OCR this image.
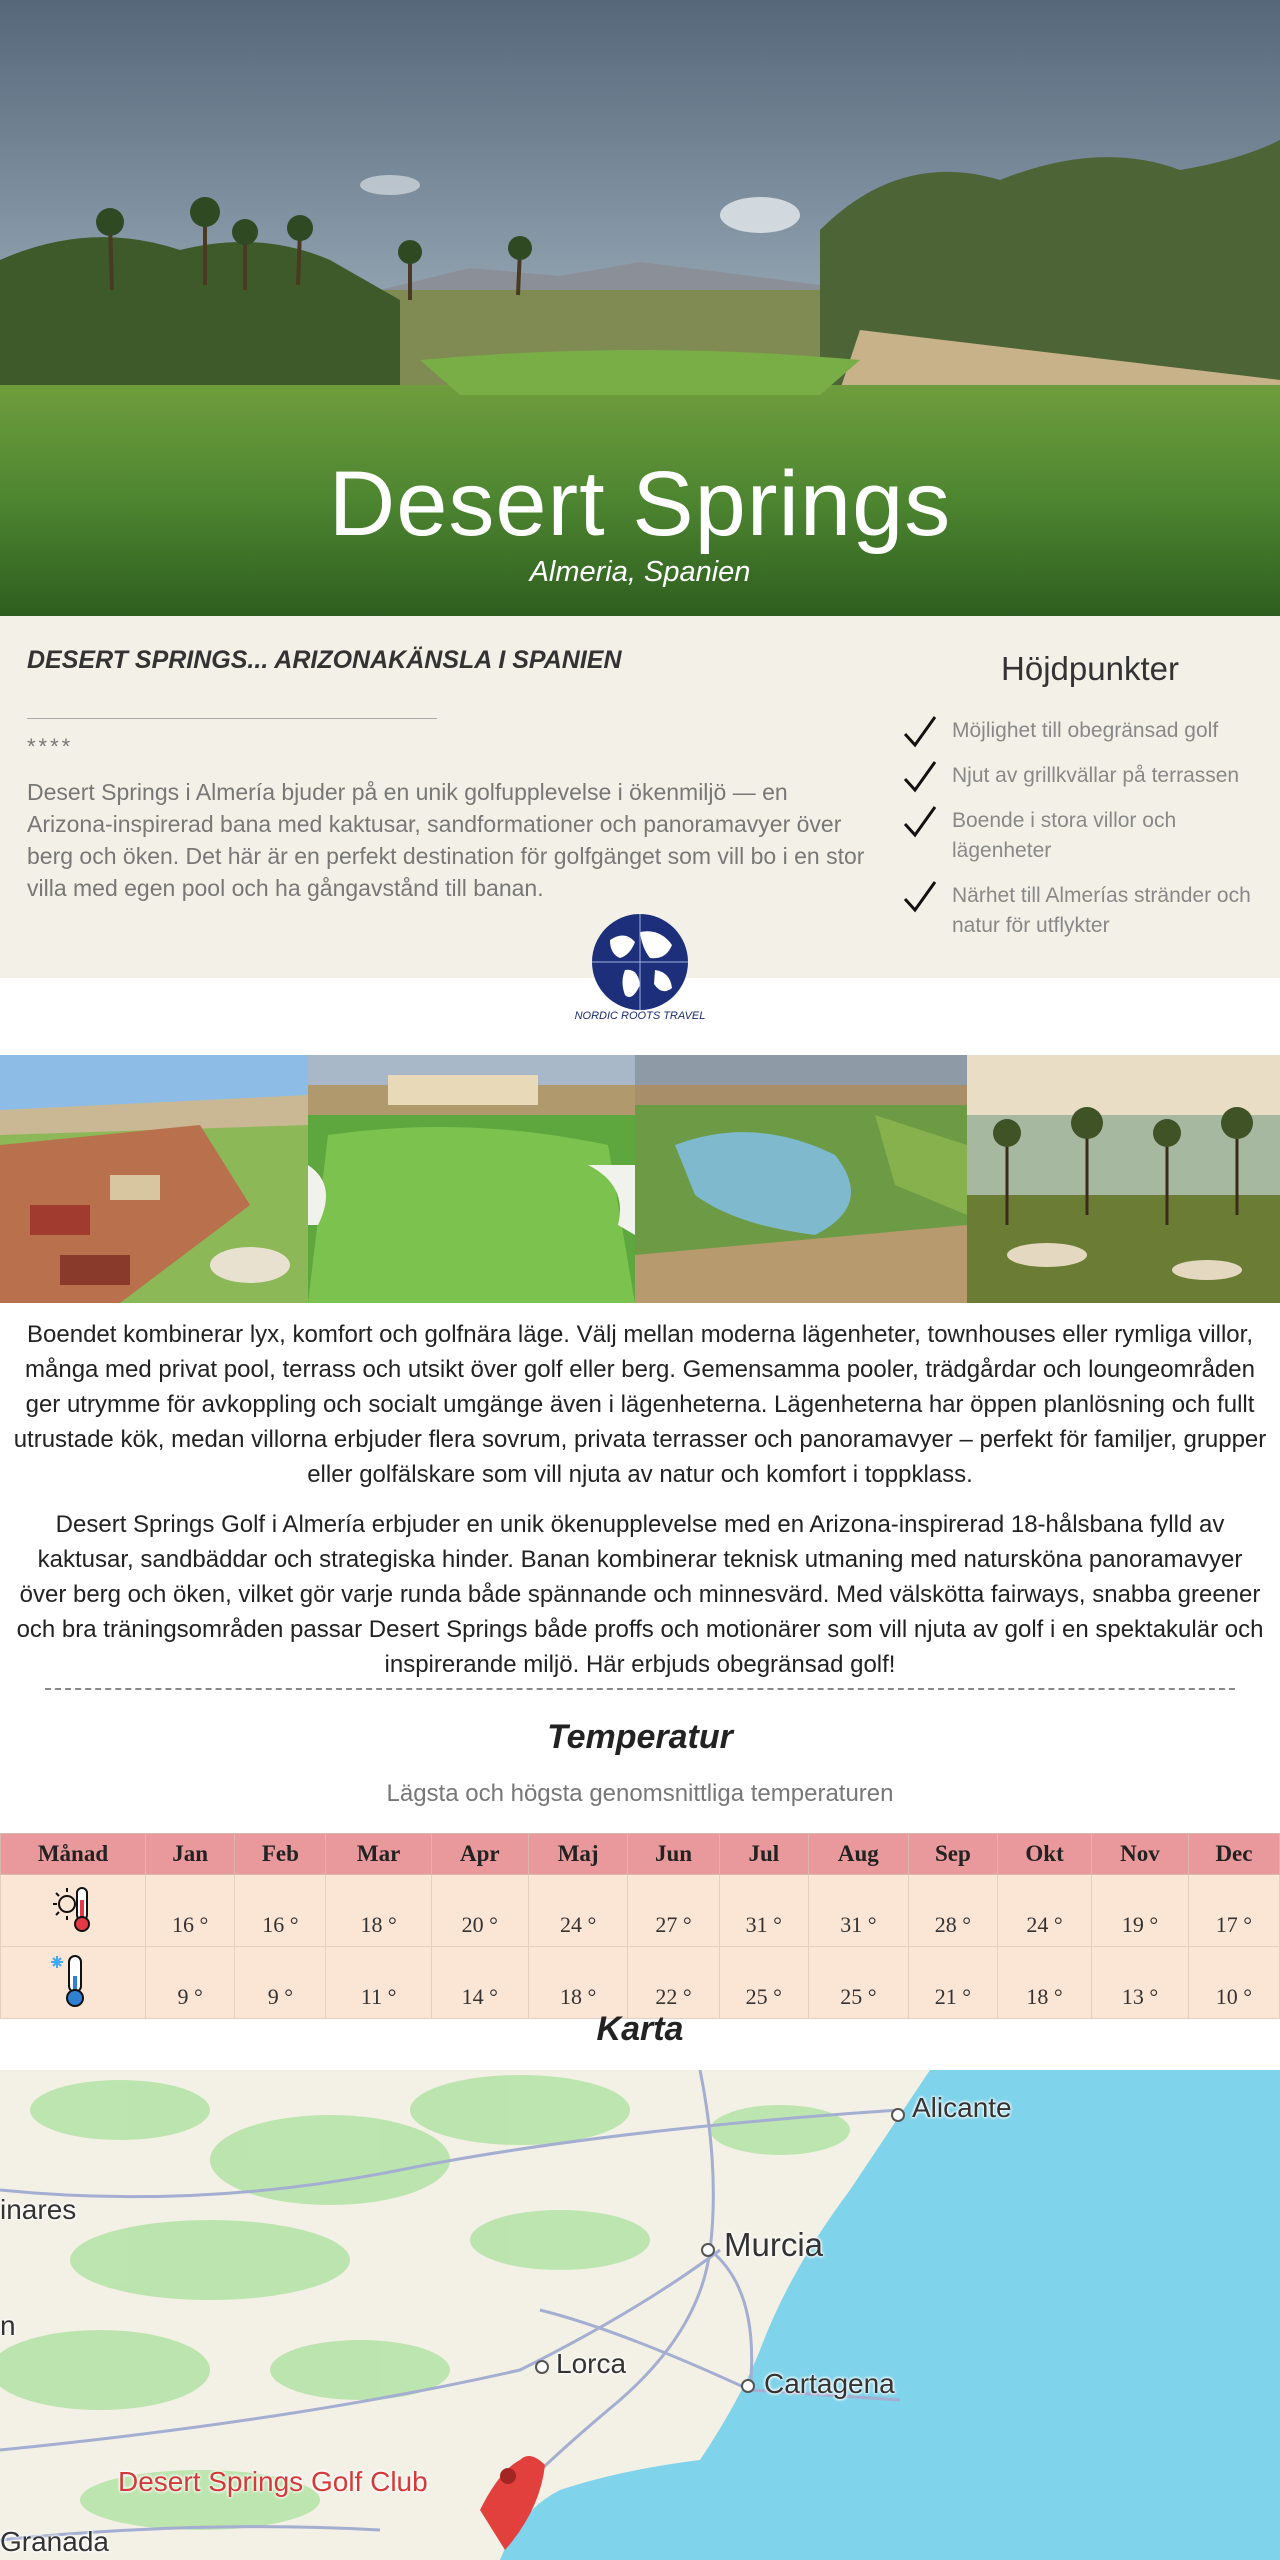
Desert Springs
Almeria, Spanien
DESERT SPRINGS... ARIZONAKÄNSLA I SPANIEN
****
Desert Springs i Almería bjuder på en unik golfupplevelse i ökenmiljö — en Arizona-inspirerad bana med kaktusar, sandformationer och panoramavyer över berg och öken. Det här är en perfekt destination för golfgänget som vill bo i en stor villa med egen pool och ha gångavstånd till banan.
Höjdpunkter
Möjlighet till obegränsad golf
Njut av grillkvällar på terrassen
Boende i stora villor och lägenheter
Närhet till Almerías stränder och natur för utflykter
NORDIC ROOTS TRAVEL
Boendet kombinerar lyx, komfort och golfnära läge. Välj mellan moderna lägenheter, townhouses eller rymliga villor, många med privat pool, terrass och utsikt över golf eller berg. Gemensamma pooler, trädgårdar och loungeområden ger utrymme för avkoppling och socialt umgänge även i lägenheterna. Lägenheterna har öppen planlösning och fullt utrustade kök, medan villorna erbjuder flera sovrum, privata terrasser och panoramavyer – perfekt för familjer, grupper eller golfälskare som vill njuta av natur och komfort i toppklass.
Desert Springs Golf i Almería erbjuder en unik ökenupplevelse med en Arizona-inspirerad 18-hålsbana fylld av kaktusar, sandbäddar och strategiska hinder. Banan kombinerar teknisk utmaning med natursköna panoramavyer över berg och öken, vilket gör varje runda både spännande och minnesvärd. Med välskötta fairways, snabba greener och bra träningsområden passar Desert Springs både proffs och motionärer som vill njuta av golf i en spektakulär och inspirerande miljö. Här erbjuds obegränsad golf!
Temperatur
Lägsta och högsta genomsnittliga temperaturen
Månad	Jan	Feb	Mar	Apr	Maj	Jun	Jul	Aug	Sep	Okt	Nov	Dec
	16 °	16 °	18 °	20 °	24 °	27 °	31 °	31 °	28 °	24 °	19 °	17 °
	9 °	9 °	11 °	14 °	18 °	22 °	25 °	25 °	21 °	18 °	13 °	10 °
Karta
Alicante
inares
Murcia
n
Lorca
Cartagena
Desert Springs Golf Club
Granada
